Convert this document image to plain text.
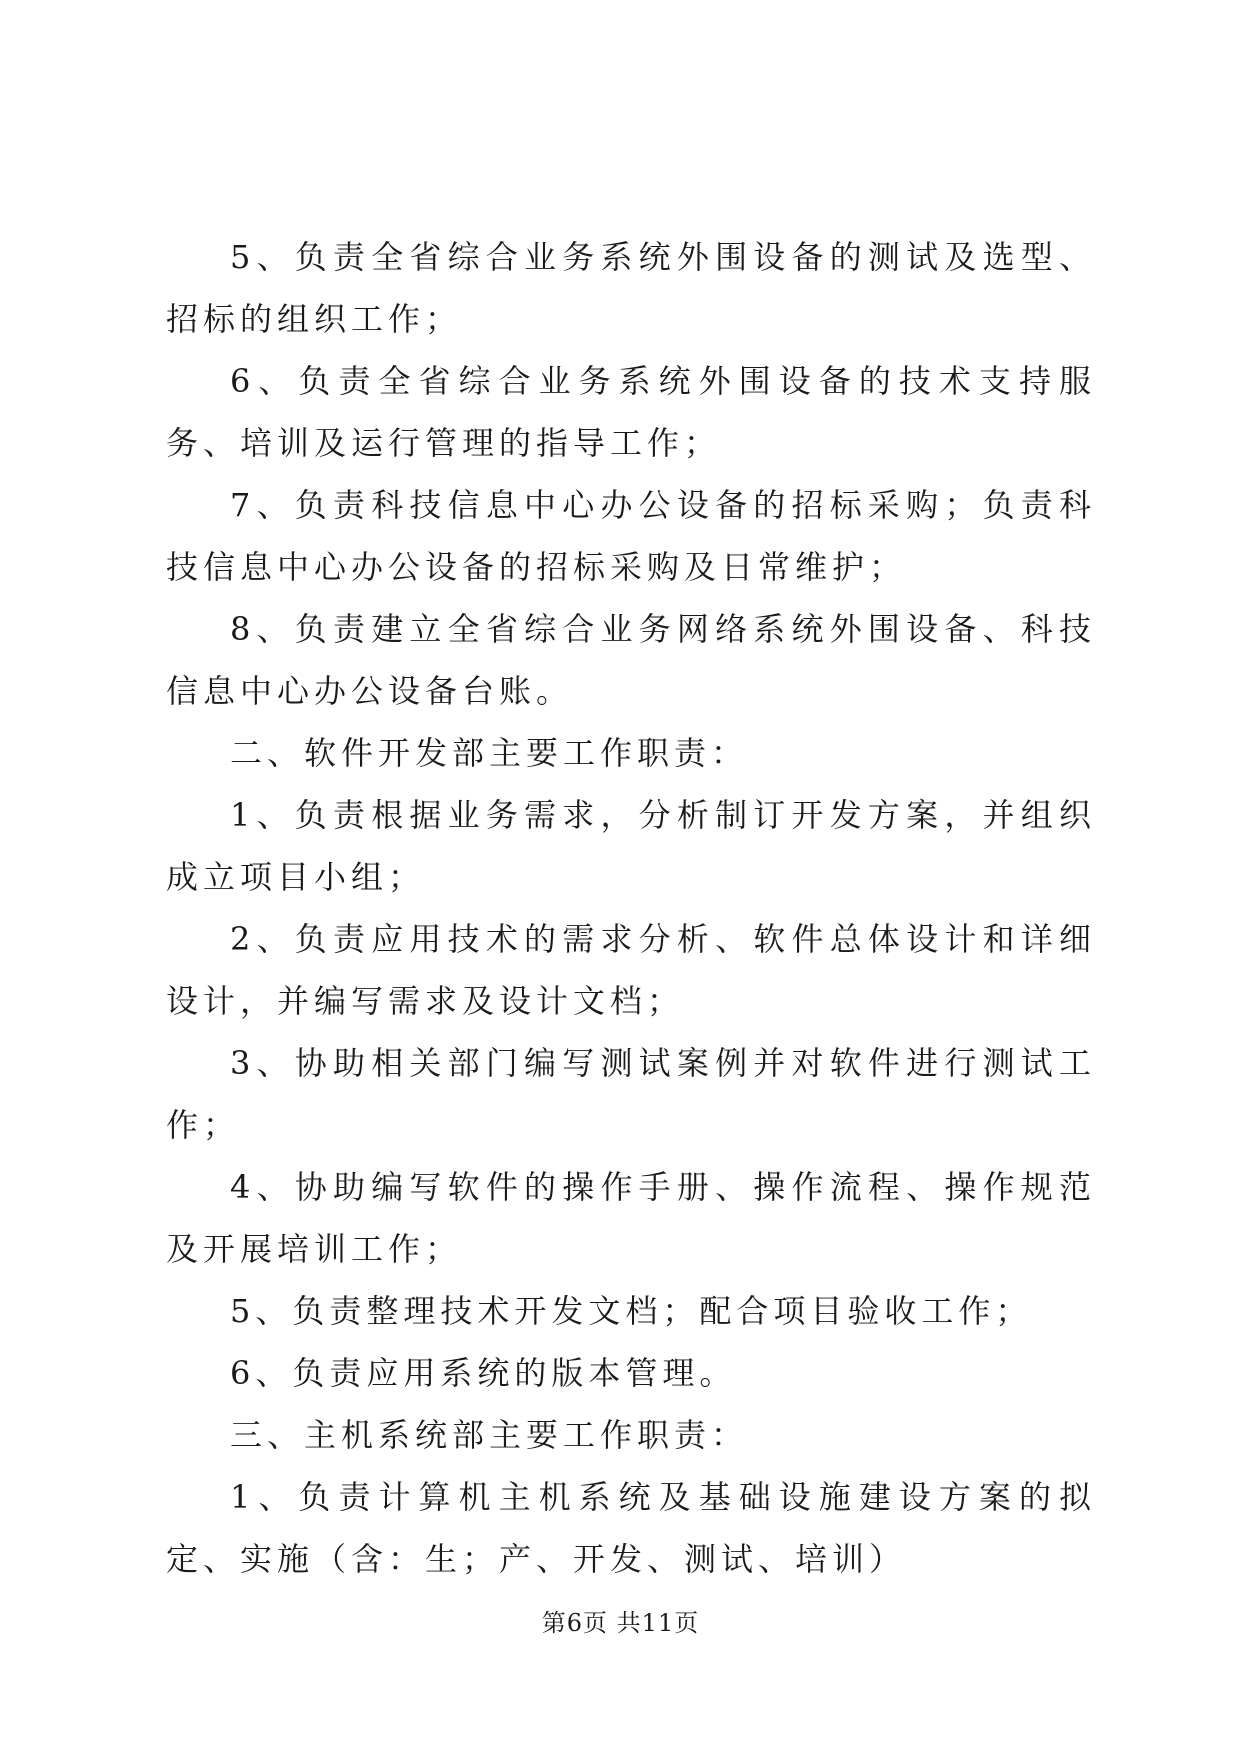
5、负责全省综合业务系统外围设备的测试及选型、招标的组织工作；

6、负责全省综合业务系统外围设备的技术支持服务、培训及运行管理的指导工作；

7、负责科技信息中心办公设备的招标采购；负责科技信息中心办公设备的招标采购及日常维护；

8、负责建立全省综合业务网络系统外围设备、科技信息中心办公设备台账。

二、软件开发部主要工作职责：

1、负责根据业务需求，分析制订开发方案，并组织成立项目小组；

2、负责应用技术的需求分析、软件总体设计和详细设计，并编写需求及设计文档；

3、协助相关部门编写测试案例并对软件进行测试工作；

4、协助编写软件的操作手册、操作流程、操作规范及开展培训工作；

5、负责整理技术开发文档；配合项目验收工作；

6、负责应用系统的版本管理。

三、主机系统部主要工作职责：

1、负责计算机主机系统及基础设施建设方案的拟定、实施（含：生；产、开发、测试、培训）

第6页 共11页
